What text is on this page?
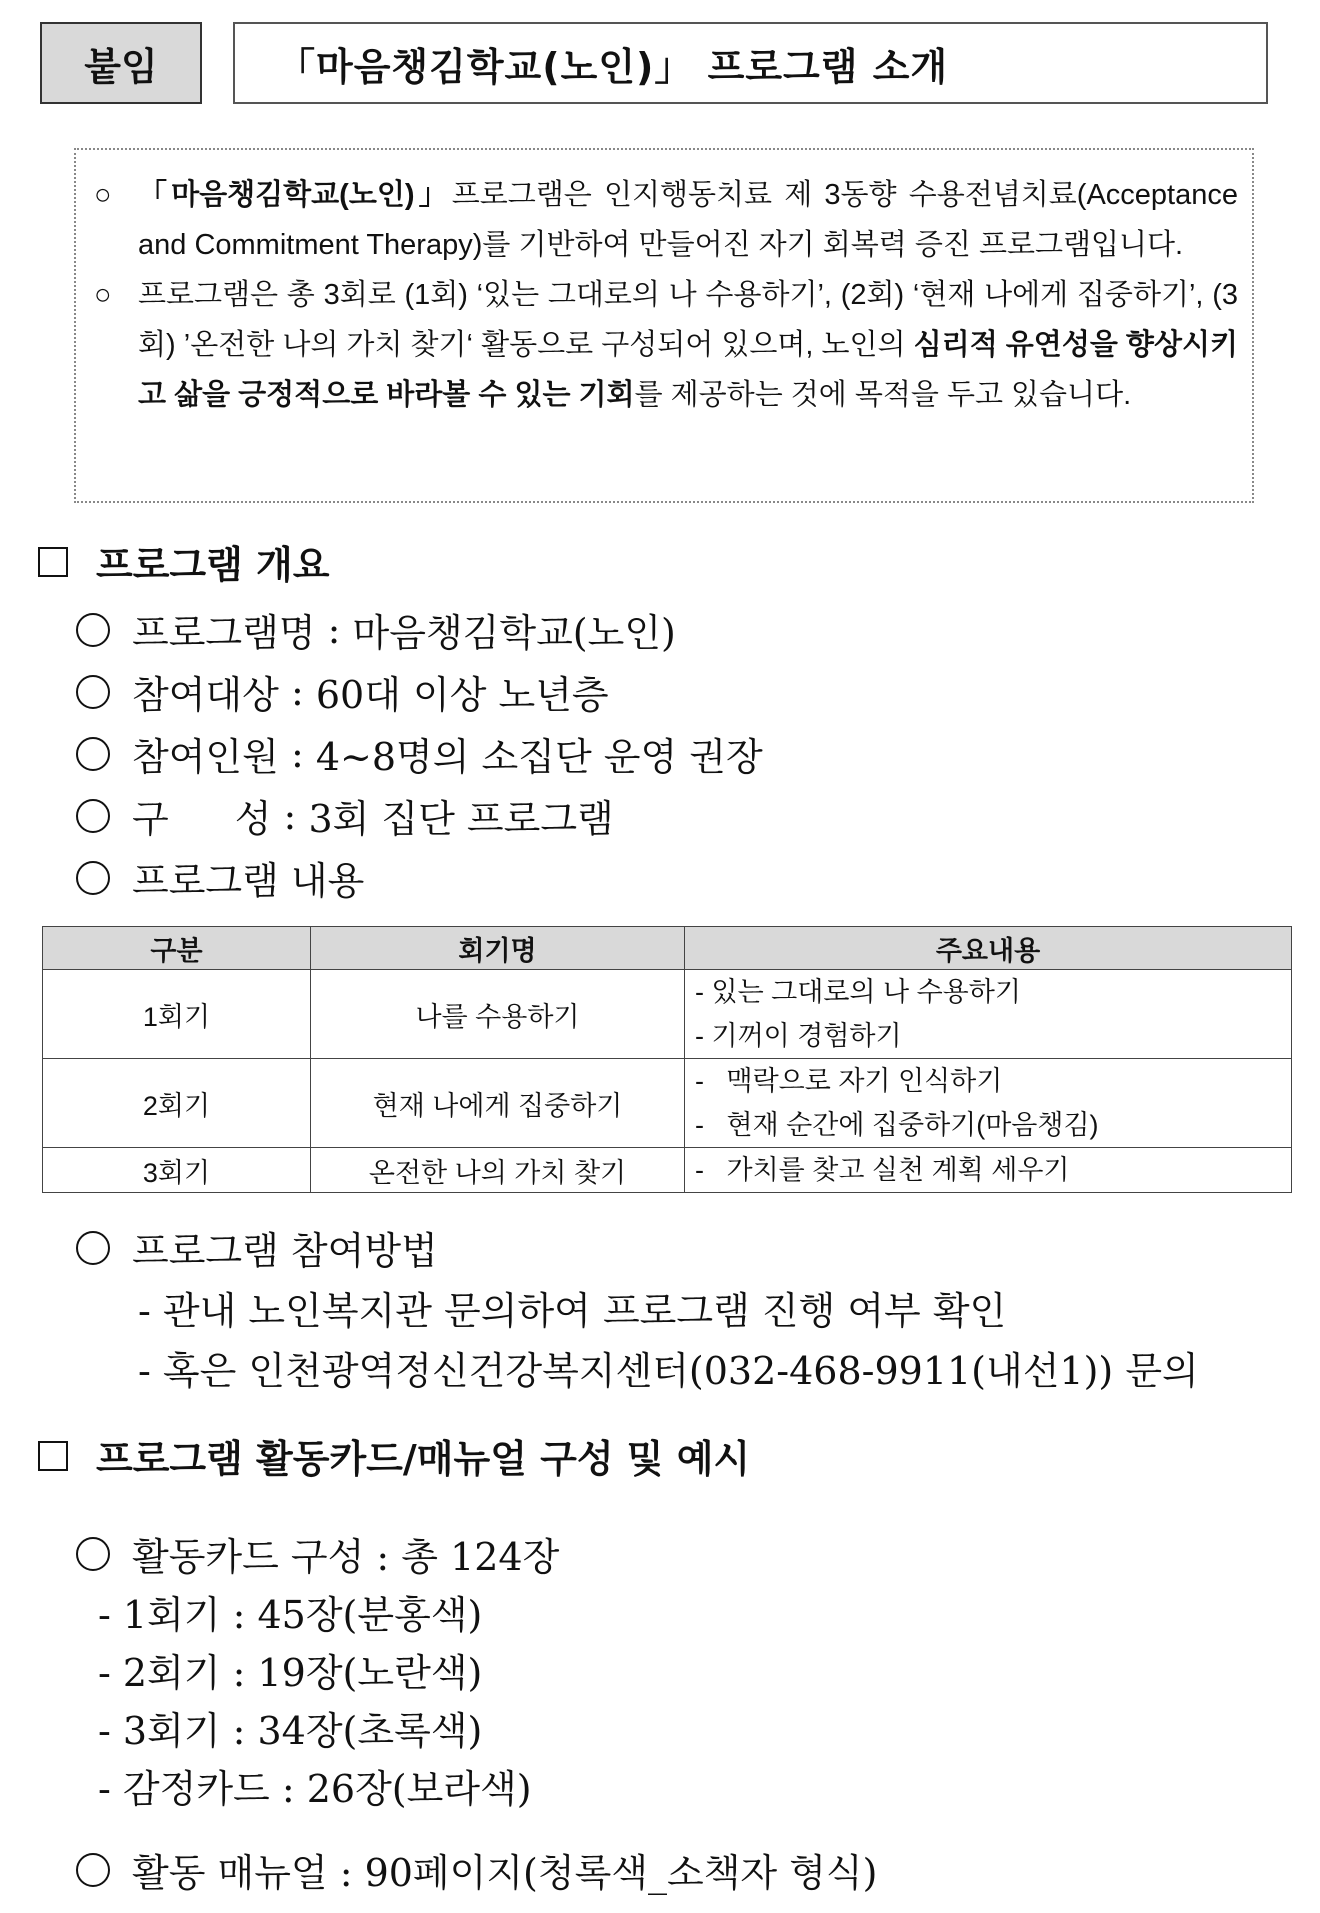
붙임	「마음챙김학교(노인)」 프로그램 소개
○ 「마음챙김학교(노인)」프로그램은 인지행동치료 제 3동향 수용전념치료(Acceptance and Commitment Therapy)를 기반하여 만들어진 자기 회복력 증진 프로그램입니다.
○ 프로그램은 총 3회로 (1회) ‘있는 그대로의 나 수용하기’, (2회) ‘현재 나에게 집중하기’, (3회) ’온전한 나의 가치 찾기‘ 활동으로 구성되어 있으며, 노인의 심리적 유연성을 향상시키고 삶을 긍정적으로 바라볼 수 있는 기회를 제공하는 것에 목적을 두고 있습니다.
프로그램 개요
프로그램명
:
마음챙김학교(노인)
참여대상
:
60대 이상 노년층
참여인원
:
4~8명의 소집단 운영 권장
구 성
:
3회 집단 프로그램
프로그램 내용
구분	회기명	주요내용
1회기	나를 수용하기	- 있는 그대로의 나 수용하기
- 기꺼이 경험하기

2회기	현재 나에게 집중하기	-   맥락으로 자기 인식하기
-   현재 순간에 집중하기(마음챙김)

3회기	온전한 나의 가치 찾기	-   가치를 찾고 실천 계획 세우기
프로그램 참여방법
- 관내 노인복지관 문의하여 프로그램 진행 여부 확인
- 혹은 인천광역정신건강복지센터(032-468-9911(내선1)) 문의
프로그램 활동카드/매뉴얼 구성 및 예시
활동카드 구성 : 총 124장
- 1회기 : 45장(분홍색)
- 2회기 : 19장(노란색)
- 3회기 : 34장(초록색)
- 감정카드 : 26장(보라색)
활동 매뉴얼 : 90페이지(청록색_소책자 형식)
